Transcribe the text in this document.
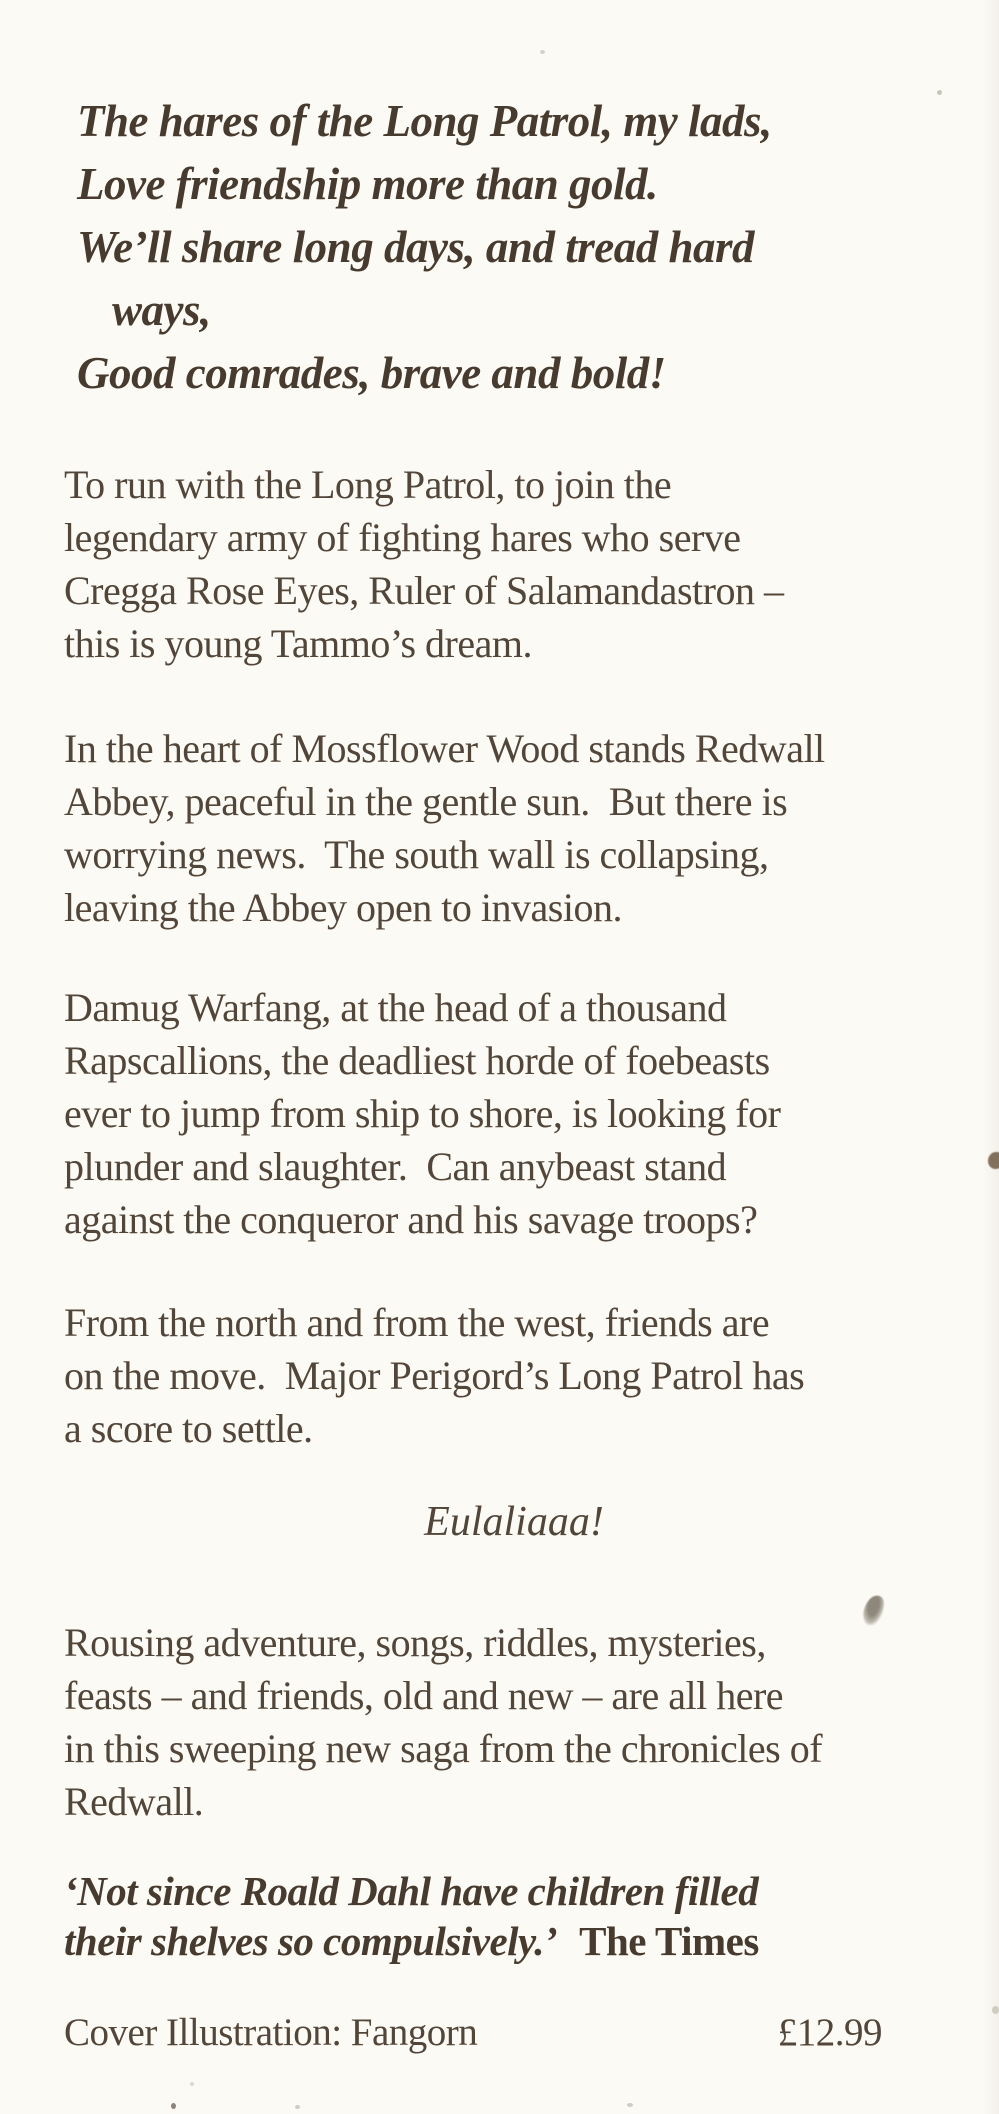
The hares of the Long Patrol, my lads,
Love friendship more than gold.
We’ll share long days, and tread hard
ways,
Good comrades, brave and bold!
To run with the Long Patrol, to join the
legendary army of fighting hares who serve
Cregga Rose Eyes, Ruler of Salamandastron –
this is young Tammo’s dream.
In the heart of Mossflower Wood stands Redwall
Abbey, peaceful in the gentle sun.  But there is
worrying news.  The south wall is collapsing,
leaving the Abbey open to invasion.
Damug Warfang, at the head of a thousand
Rapscallions, the deadliest horde of foebeasts
ever to jump from ship to shore, is looking for
plunder and slaughter.  Can anybeast stand
against the conqueror and his savage troops?
From the north and from the west, friends are
on the move.  Major Perigord’s Long Patrol has
a score to settle.
Eulaliaaa!
Rousing adventure, songs, riddles, mysteries,
feasts – and friends, old and new – are all here
in this sweeping new saga from the chronicles of
Redwall.
‘Not since Roald Dahl have children filled
their shelves so compulsively.’ The Times
Cover Illustration: Fangorn	£12.99
